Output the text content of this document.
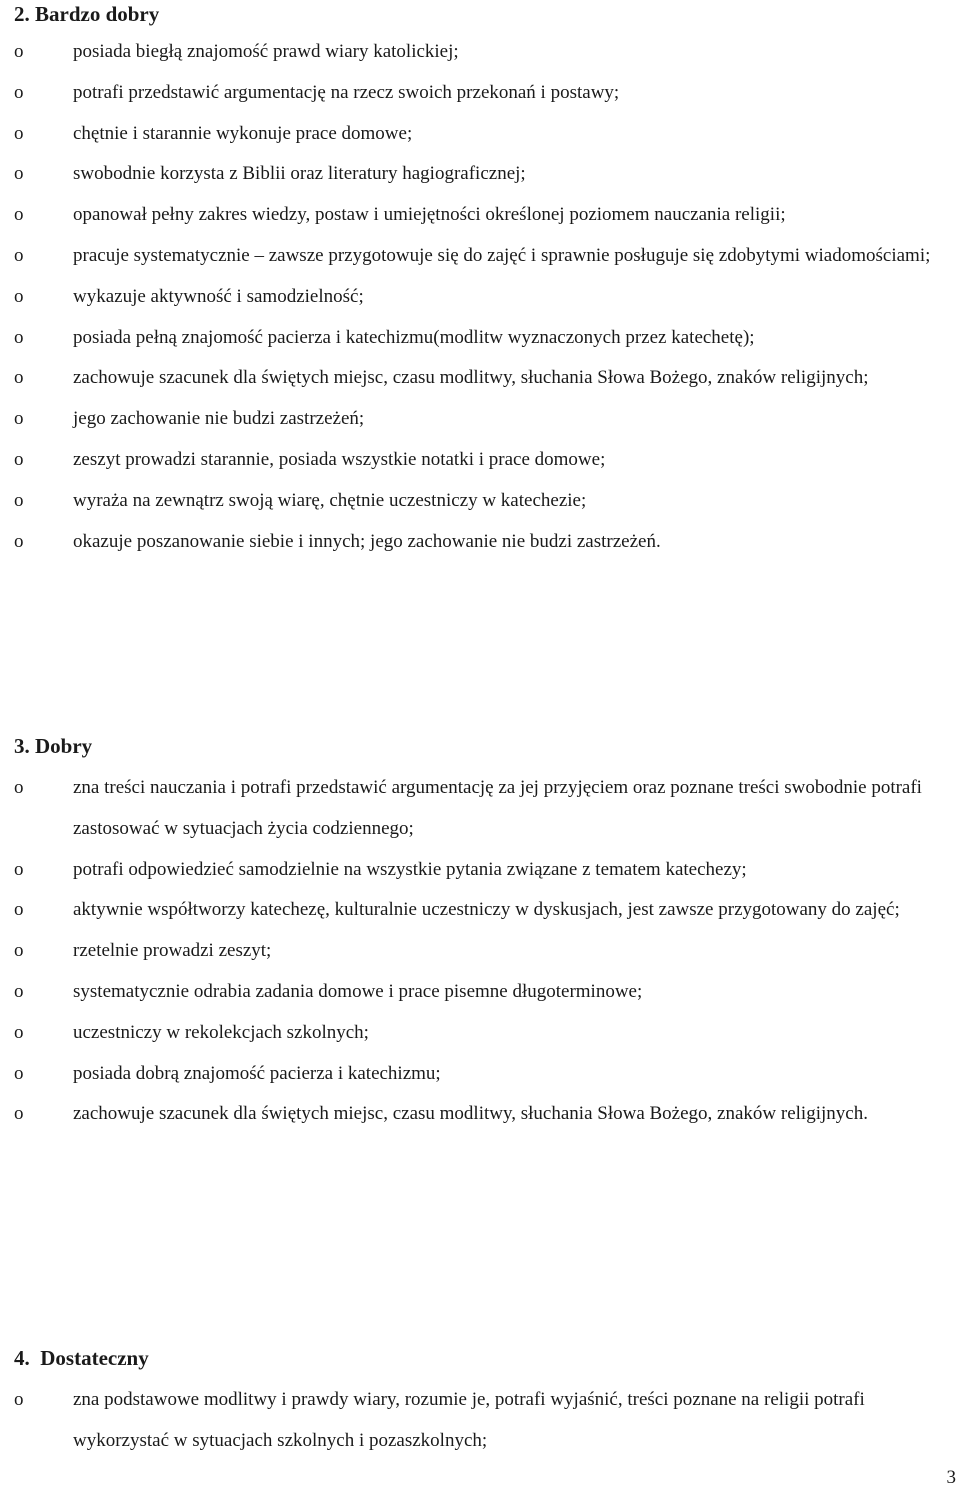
2. Bardzo dobry
o	posiada biegłą znajomość prawd wiary katolickiej;
o	potrafi przedstawić argumentację na rzecz swoich przekonań i postawy;
o	chętnie i starannie wykonuje prace domowe;
o	swobodnie korzysta z Biblii oraz literatury hagiograficznej;
o	opanował pełny zakres wiedzy, postaw i umiejętności określonej poziomem nauczania religii;
o	pracuje systematycznie – zawsze przygotowuje się do zajęć i sprawnie posługuje się zdobytymi wiadomościami;
o	wykazuje aktywność i samodzielność;
o	posiada pełną znajomość pacierza i katechizmu(modlitw wyznaczonych przez katechetę);
o	zachowuje szacunek dla świętych miejsc, czasu modlitwy, słuchania Słowa Bożego, znaków religijnych;
o	jego zachowanie nie budzi zastrzeżeń;
o	zeszyt prowadzi starannie, posiada wszystkie notatki i prace domowe;
o	wyraża na zewnątrz swoją wiarę, chętnie uczestniczy w katechezie;
o	okazuje poszanowanie siebie i innych; jego zachowanie nie budzi zastrzeżeń.
3. Dobry
o	zna treści nauczania i potrafi przedstawić argumentację za jej przyjęciem oraz poznane treści swobodnie potrafi zastosować w sytuacjach życia codziennego;
o	potrafi odpowiedzieć samodzielnie na wszystkie pytania związane z tematem katechezy;
o	aktywnie współtworzy katechezę, kulturalnie uczestniczy w dyskusjach, jest zawsze przygotowany do zajęć;
o	rzetelnie prowadzi zeszyt;
o	systematycznie odrabia zadania domowe i prace pisemne długoterminowe;
o	uczestniczy w rekolekcjach szkolnych;
o	posiada dobrą znajomość pacierza i katechizmu;
o	zachowuje szacunek dla świętych miejsc, czasu modlitwy, słuchania Słowa Bożego, znaków religijnych.
4.  Dostateczny
o	zna podstawowe modlitwy i prawdy wiary, rozumie je, potrafi wyjaśnić, treści poznane na religii potrafi wykorzystać w sytuacjach szkolnych i pozaszkolnych;
3
